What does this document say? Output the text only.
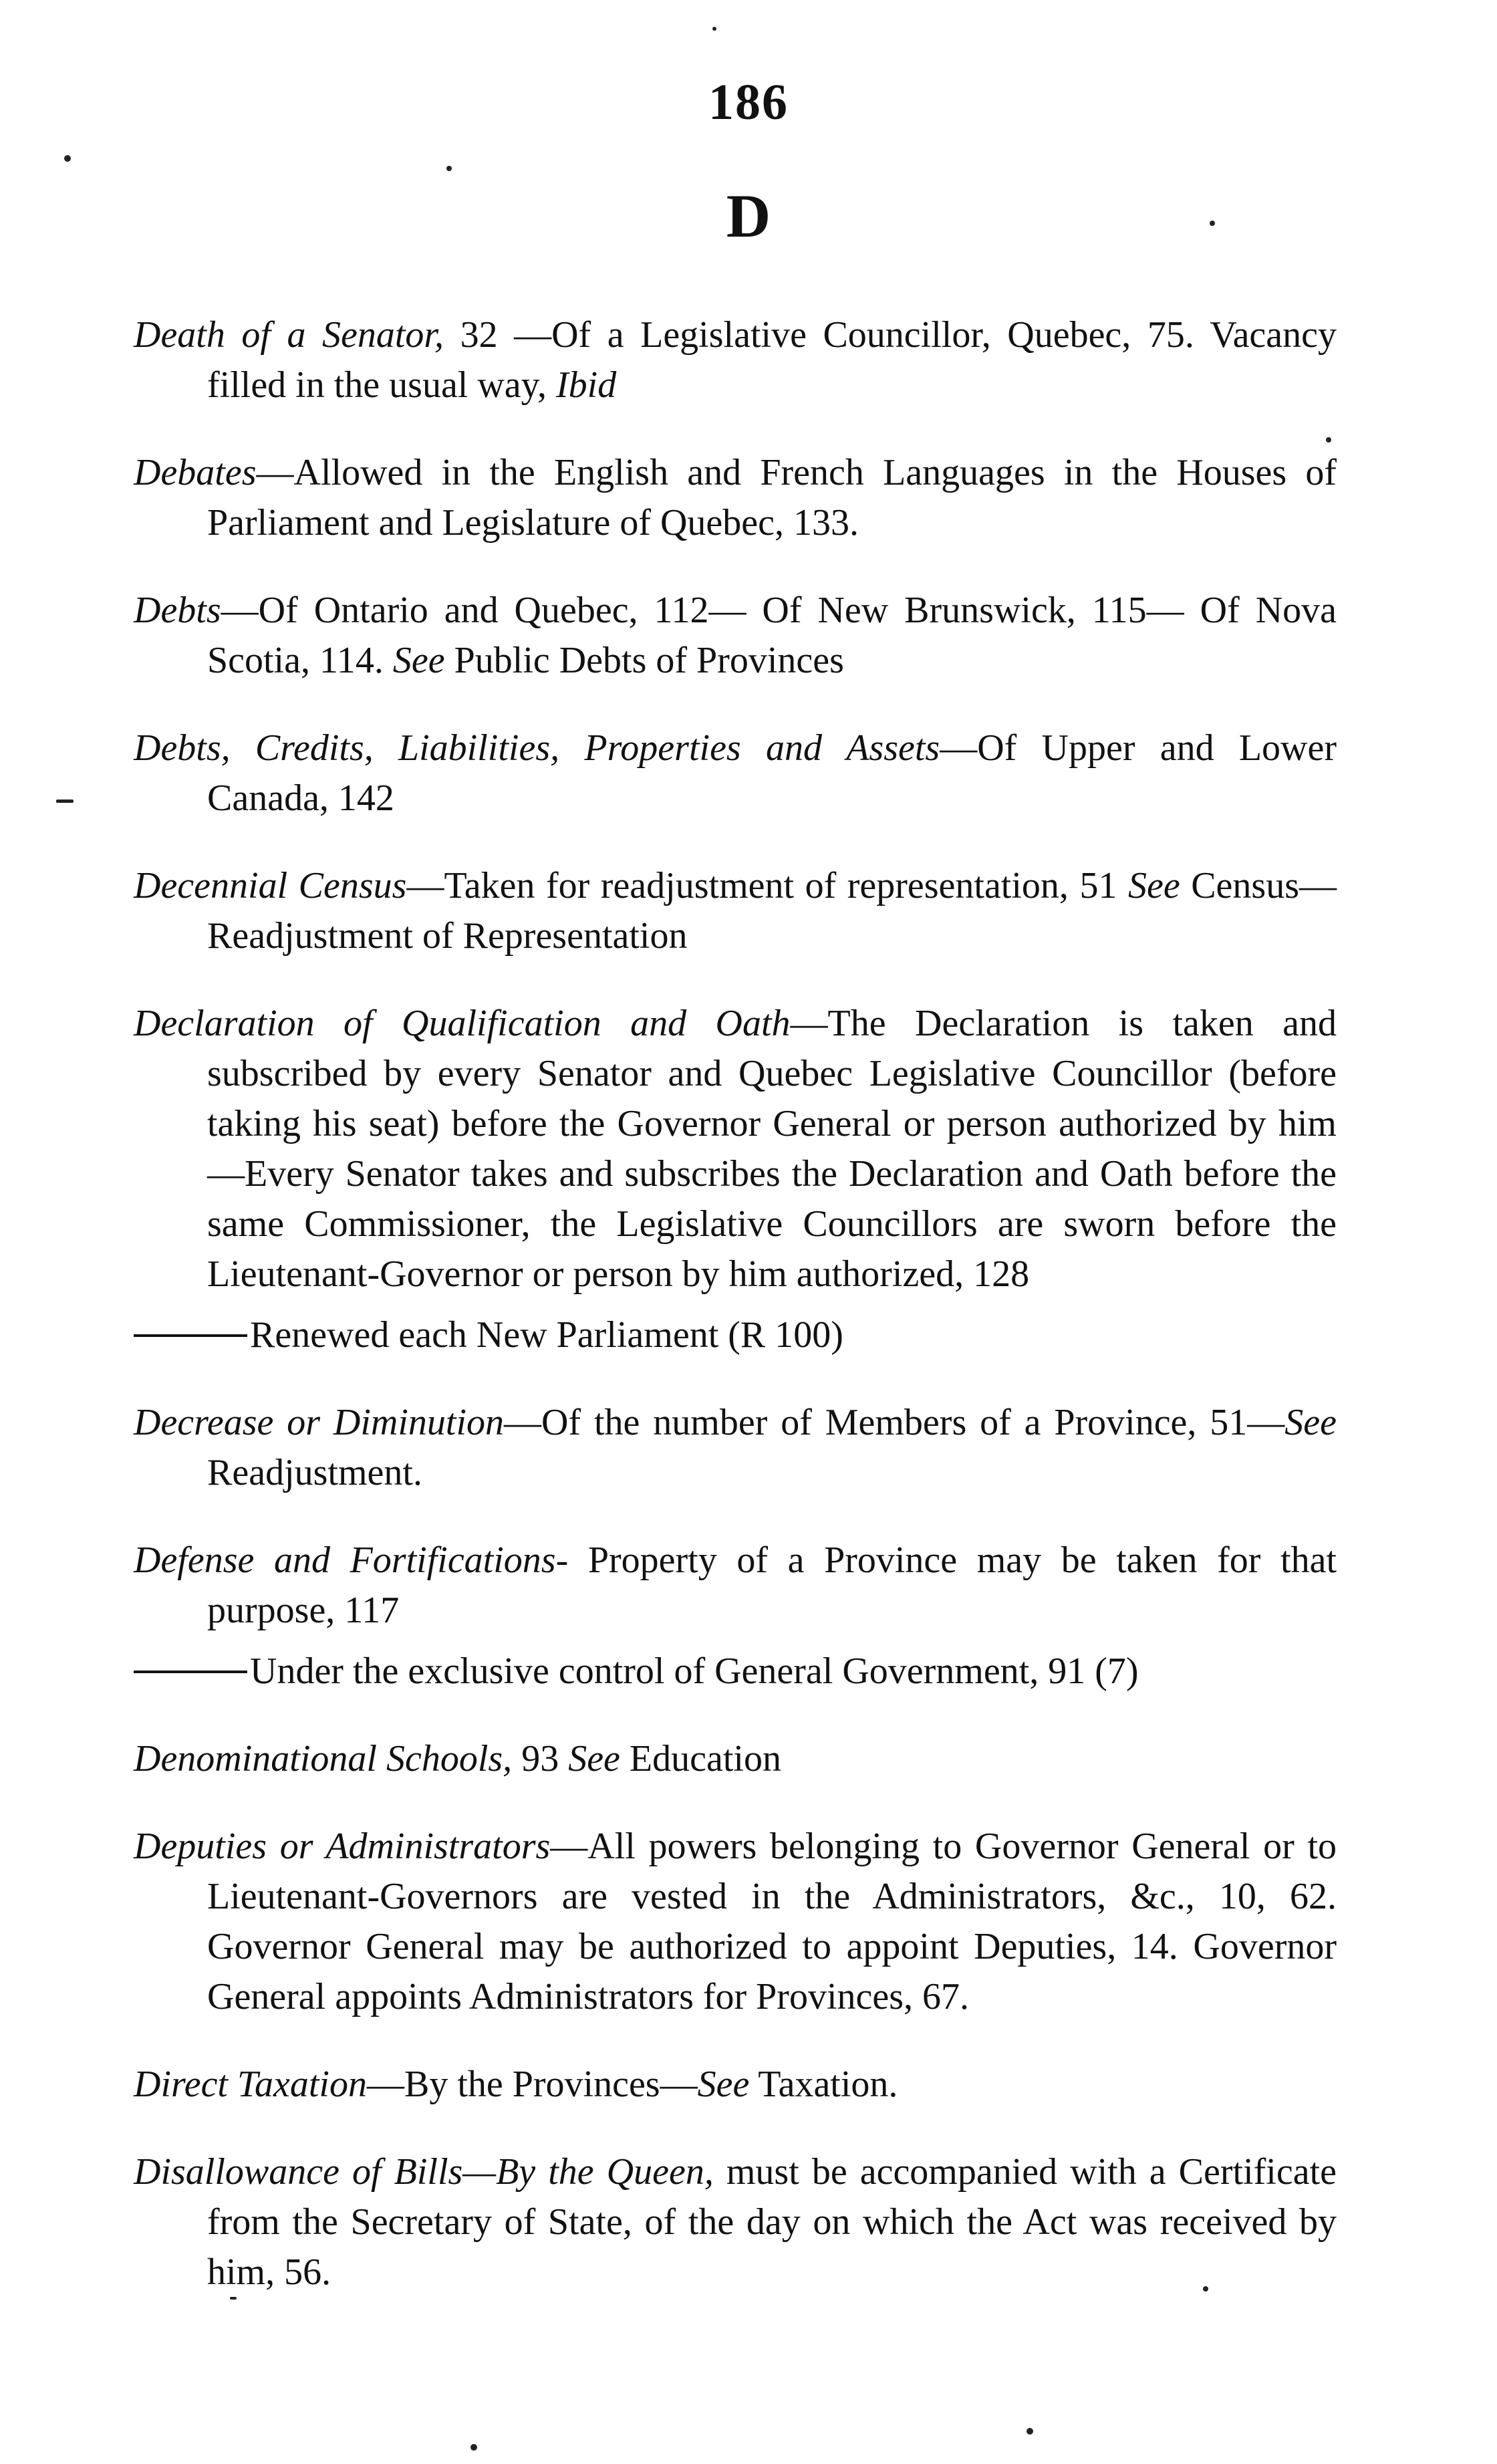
186
D

Death of a Senator, 32 —Of a Legislative Councillor, Quebec, 75. Vacancy filled in the usual way, Ibid

Debates—Allowed in the English and French Languages in the Houses of Parliament and Legislature of Quebec, 133.

Debts—Of Ontario and Quebec, 112— Of New Brunswick, 115— Of Nova Scotia, 114. See Public Debts of Provinces

Debts, Credits, Liabilities, Properties and Assets—Of Upper and Lower Canada, 142

Decennial Census—Taken for readjustment of representation, 51 See Census—Readjustment of Representation

Declaration of Qualification and Oath—The Declaration is taken and subscribed by every Senator and Quebec Legislative Councillor (before taking his seat) before the Governor General or person authorized by him—Every Senator takes and subscribes the Declaration and Oath before the same Commissioner, the Legislative Councillors are sworn before the Lieutenant-Governor or person by him authorized, 128

Renewed each New Parliament (R 100)

Decrease or Diminution—Of the number of Members of a Province, 51—See Readjustment.

Defense and Fortifications- Property of a Province may be taken for that purpose, 117

Under the exclusive control of General Government, 91 (7)

Denominational Schools, 93 See Education

Deputies or Administrators—All powers belonging to Governor General or to Lieutenant-Governors are vested in the Administrators, &c., 10, 62. Governor General may be authorized to appoint Deputies, 14. Governor General appoints Administrators for Provinces, 67.

Direct Taxation—By the Provinces—See Taxation.

Disallowance of Bills—By the Queen, must be accompanied with a Certificate from the Secretary of State, of the day on which the Act was received by him, 56.
